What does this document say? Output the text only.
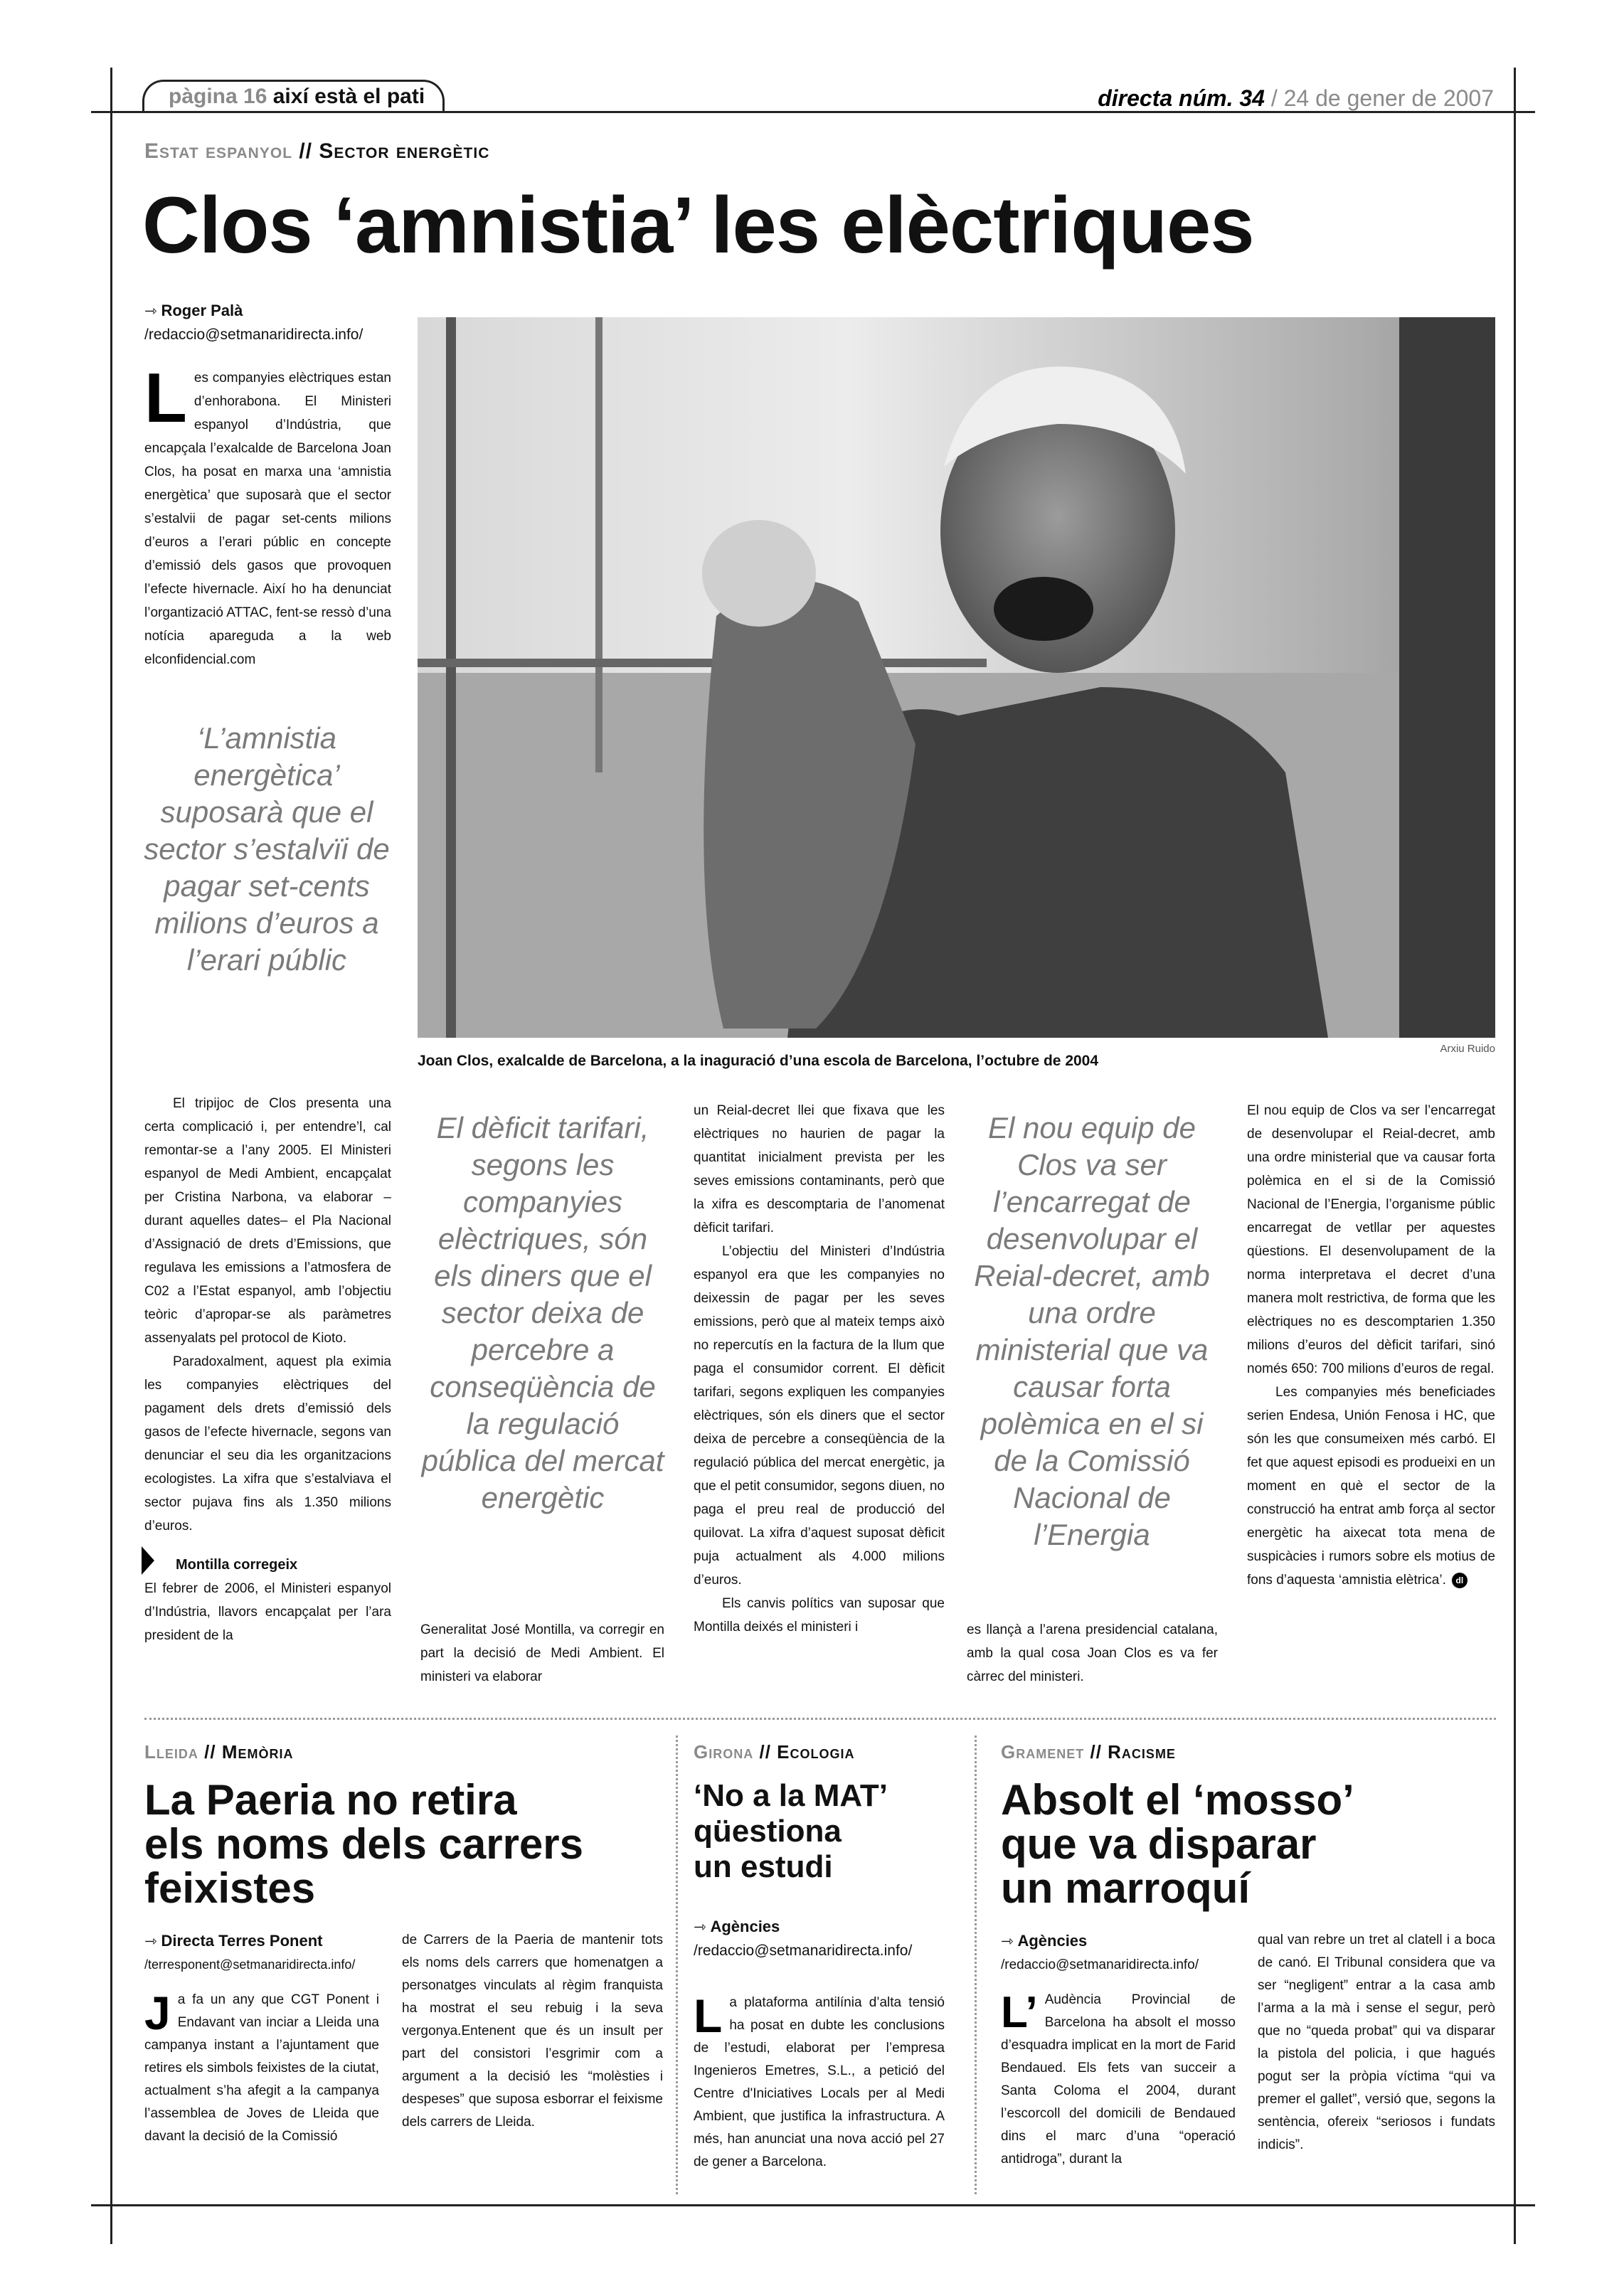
pàgina 16 així està el pati	directa núm. 34 / 24 de gener de 2007
Estat espanyol // Sector energètic
Clos ‘amnistia’ les elèctriques
⇾ Roger Palà
/redaccio@setmanaridirecta.info/
L es companyies elèctriques estan d’enhorabona. El Ministeri espanyol d’Indústria, que encapçala l’exalcalde de Barcelona Joan Clos, ha posat en marxa una ‘amnistia energètica’ que suposarà que el sector s’estalvii de pagar set-cents milions d’euros a l’erari públic en concepte d’emissió dels gasos que provoquen l’efecte hivernacle. Així ho ha denunciat l’organtizació ATTAC, fent-se ressò d’una notícia apareguda a la web elconfidencial.com
‘L’amnistia energètica’ suposarà que el sector s’estalvïi de pagar set-cents milions d’euros a l’erari públic
Joan Clos, exalcalde de Barcelona, a la inaguració d’una escola de Barcelona, l’octubre de 2004
Arxiu Ruido

El tripijoc de Clos presenta una certa complicació i, per entendre’l, cal remontar-se a l’any 2005. El Ministeri espanyol de Medi Ambient, encapçalat per Cristina Narbona, va elaborar –durant aquelles dates– el Pla Nacional d’Assignació de drets d’Emissions, que regulava les emissions a l’atmosfera de C02 a l’Estat espanyol, amb l’objectiu teòric d’apropar-se als paràmetres assenyalats pel protocol de Kioto.

Paradoxalment, aquest pla eximia les companyies elèctriques del pagament dels drets d’emissió dels gasos de l’efecte hivernacle, segons van denunciar el seu dia les organitzacions ecologistes. La xifra que s’estalviava el sector pujava fins als 1.350 milions d’euros.

Montilla corregeix

El febrer de 2006, el Ministeri espanyol d’Indústria, llavors encapçalat per l’ara president de la

El dèficit tarifari, segons les companyies elèctriques, són els diners que el sector deixa de percebre a conseqüència de la regulació pública del mercat energètic
Generalitat José Montilla, va corregir en part la decisió de Medi Ambient. El ministeri va elaborar

un Reial-decret llei que fixava que les elèctriques no haurien de pagar la quantitat inicialment prevista per les seves emissions contaminants, però que la xifra es descomptaria de l’anomenat dèficit tarifari.

L’objectiu del Ministeri d’Indústria espanyol era que les companyies no deixessin de pagar per les seves emissions, però que al mateix temps això no repercutís en la factura de la llum que paga el consumidor corrent. El dèficit tarifari, segons expliquen les companyies elèctriques, són els diners que el sector deixa de percebre a conseqüència de la regulació pública del mercat energètic, ja que el petit consumidor, segons diuen, no paga el preu real de producció del quilovat. La xifra d’aquest suposat dèficit puja actualment als 4.000 milions d’euros.

Els canvis polítics van suposar que Montilla deixés el ministeri i

El nou equip de Clos va ser l’encarregat de desenvolupar el Reial-decret, amb una ordre ministerial que va causar forta polèmica en el si de la Comissió Nacional de l’Energia
es llançà a l’arena presidencial catalana, amb la qual cosa Joan Clos es va fer càrrec del ministeri.

El nou equip de Clos va ser l’encarregat de desenvolupar el Reial-decret, amb una ordre ministerial que va causar forta polèmica en el si de la Comissió Nacional de l’Energia, l’organisme públic encarregat de vetllar per aquestes qüestions. El desenvolupament de la norma interpretava el decret d’una manera molt restrictiva, de forma que les elèctriques no es descomptarien 1.350 milions d’euros del dèficit tarifari, sinó només 650: 700 milions d’euros de regal.

Les companyies més beneficiades serien Endesa, Unión Fenosa i HC, que són les que consumeixen més carbó. El fet que aquest episodi es produeixi en un moment en què el sector de la construcció ha entrat amb força al sector energètic ha aixecat tota mena de suspicàcies i rumors sobre els motius de fons d’aquesta ‘amnistia elètrica’. dl

Lleida // Memòria
La Paeria no retira
els noms dels carrers
feixistes
⇾ Directa Terres Ponent
/terresponent@setmanaridirecta.info/
J a fa un any que CGT Ponent i Endavant van inciar a Lleida una campanya instant a l’ajuntament que retires els simbols feixistes de la ciutat, actualment s’ha afegit a la campanya l’assemblea de Joves de Lleida que davant la decisió de la Comissió
de Carrers de la Paeria de mantenir tots els noms dels carrers que homenatgen a personatges vinculats al règim franquista ha mostrat el seu rebuig i la seva vergonya.Entenent que és un insult per part del consistori l’esgrimir com a argument a la decisió les “molèsties i despeses” que suposa esborrar el feixisme dels carrers de Lleida.
Girona // Ecologia
‘No a la MAT’
qüestiona
un estudi
⇾ Agències
/redaccio@setmanaridirecta.info/
L a plataforma antilínia d’alta tensió ha posat en dubte les conclusions de l’estudi, elaborat per l’empresa Ingenieros Emetres, S.L., a petició del Centre d'Iniciatives Locals per al Medi Ambient, que justifica la infrastructura. A més, han anunciat una nova acció pel 27 de gener a Barcelona.
Gramenet // Racisme
Absolt el ‘mosso’
que va disparar
un marroquí
⇾ Agències
/redaccio@setmanaridirecta.info/
L’ Audència Provincial de Barcelona ha absolt el mosso d’esquadra implicat en la mort de Farid Bendaued. Els fets van succeir a Santa Coloma el 2004, durant l’escorcoll del domicili de Bendaued dins el marc d’una “operació antidroga”, durant la
qual van rebre un tret al clatell i a boca de canó. El Tribunal considera que va ser “negligent” entrar a la casa amb l’arma a la mà i sense el segur, però que no “queda probat” qui va disparar la pistola del policia, i que hagués pogut ser la pròpia víctima “qui va premer el gallet”, versió que, segons la sentència, ofereix “seriosos i fundats indicis”.
